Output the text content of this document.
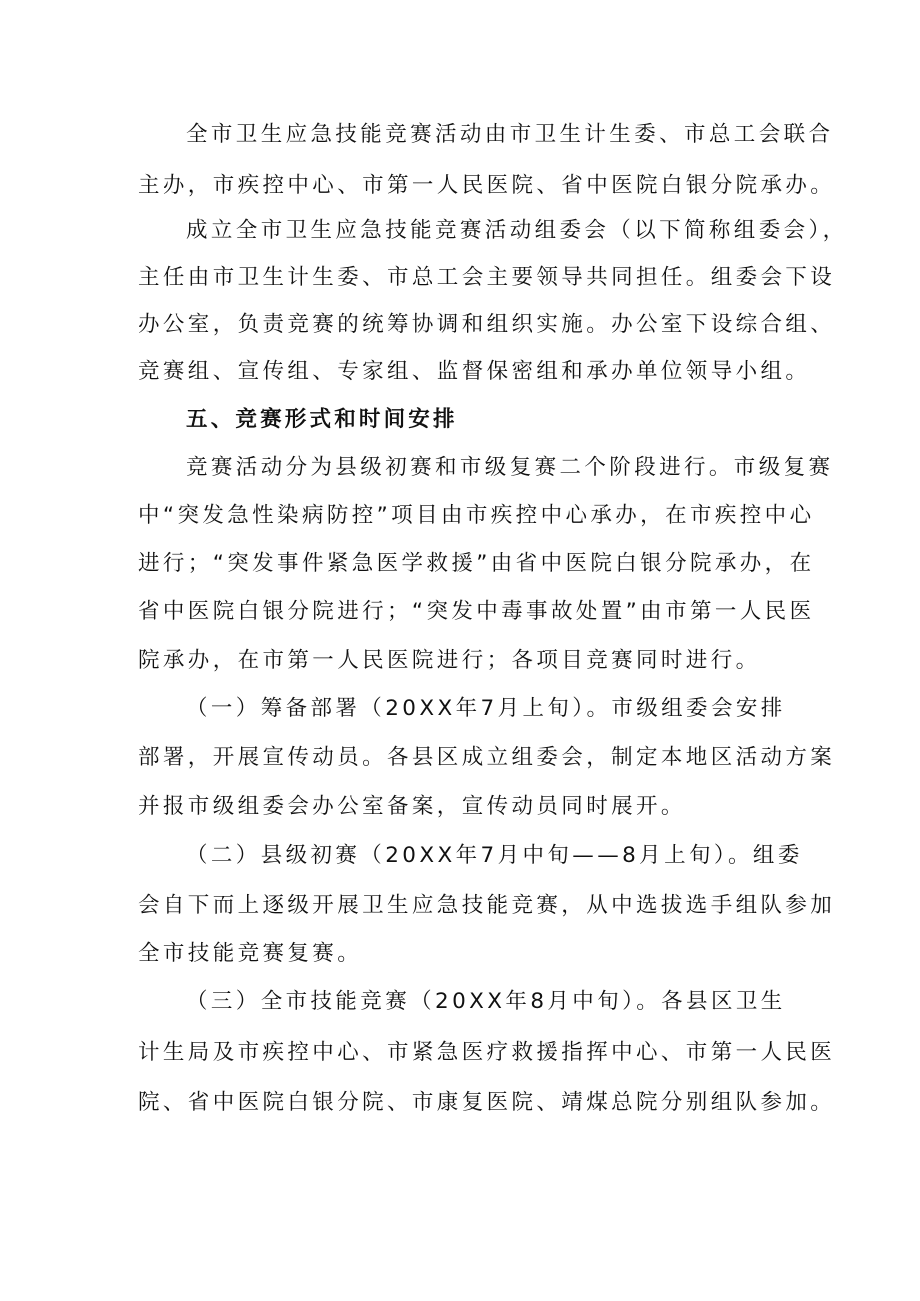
全市卫生应急技能竞赛活动由市卫生计生委、市总工会联合
主办，市疾控中心、市第一人民医院、省中医院白银分院承办。
成立全市卫生应急技能竞赛活动组委会（以下简称组委会），
主任由市卫生计生委、市总工会主要领导共同担任。组委会下设
办公室，负责竞赛的统筹协调和组织实施。办公室下设综合组、
竞赛组、宣传组、专家组、监督保密组和承办单位领导小组。
五、竞赛形式和时间安排
竞赛活动分为县级初赛和市级复赛二个阶段进行。市级复赛
中“突发急性染病防控”项目由市疾控中心承办，在市疾控中心
进行；“突发事件紧急医学救援”由省中医院白银分院承办，在
省中医院白银分院进行；“突发中毒事故处置”由市第一人民医
院承办，在市第一人民医院进行；各项目竞赛同时进行。
（一）筹备部署（20XX年7月上旬）。市级组委会安排
部署，开展宣传动员。各县区成立组委会，制定本地区活动方案
并报市级组委会办公室备案，宣传动员同时展开。
（二）县级初赛（20XX年7月中旬——8月上旬）。组委
会自下而上逐级开展卫生应急技能竞赛，从中选拔选手组队参加
全市技能竞赛复赛。
（三）全市技能竞赛（20XX年8月中旬）。各县区卫生
计生局及市疾控中心、市紧急医疗救援指挥中心、市第一人民医
院、省中医院白银分院、市康复医院、靖煤总院分别组队参加。
